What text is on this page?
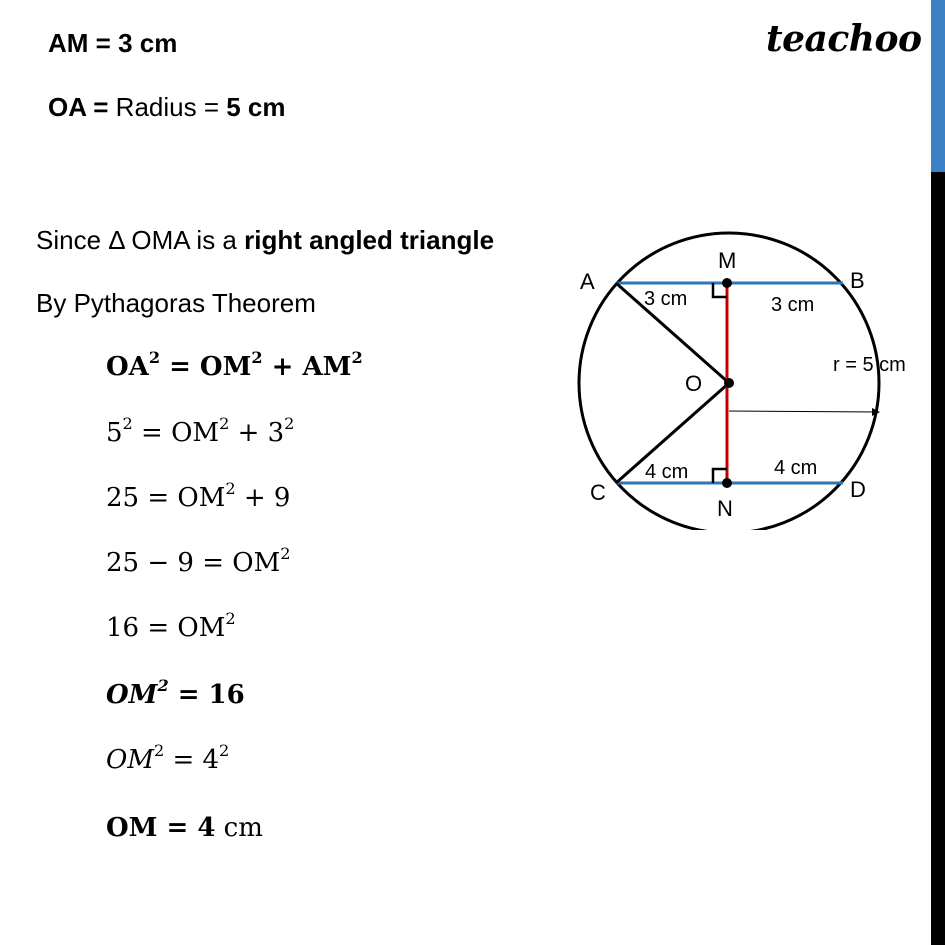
teachoo
AM = 3 cm
OA = Radius = 5 cm
Since Δ OMA is a right angled triangle
By Pythagoras Theorem
$OA^2 = OM^2 + AM^2$
$5^2 = OM^2 + 3^2$
$25 = OM^2 + 9$
$25 - 9 = OM^2$
$16 = OM^2$
$OM^2 = 16$
$OM^2 = 4^2$
OM = 4 cm
M
A	B
O
C	D
N
3 cm	3 cm
4 cm	4 cm
r = 5 cm
